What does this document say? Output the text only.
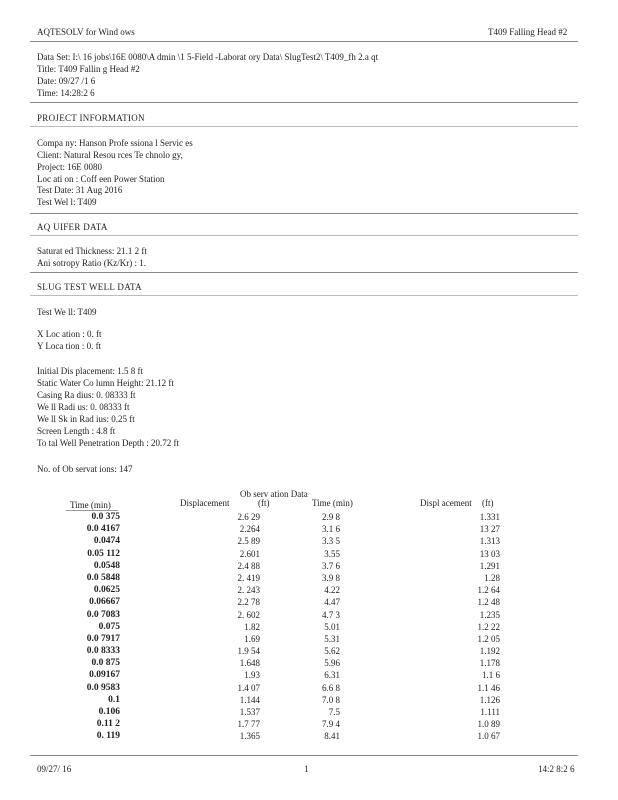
AQTESOLV for Wind ows	T409 Falling Head #2
Data Set: I:\ 16 jobs\16E 0080\A dmin \1 5-Field -Laborat ory Data\ SlugTest2\ T409_fh 2.a qt
Title: T409 Fallin g Head #2
Date: 09/27 /1 6
Time: 14:28:2 6
PROJECT INFORMATION
Compa ny: Hanson Profe ssiona l Servic es
Client: Natural Resou rces Te chnolo gy,
Project: 16E 0080
Loc ati on : Coff een Power Station
Test Date: 31 Aug 2016
Test Wel l: T409
AQ UIFER DATA
Saturat ed Thickness: 21.1 2 ft
Ani sotropy Ratio (Kz/Kr) : 1.
SLUG TEST WELL DATA
Test We ll: T409
X Loc ation : 0. ft
Y Loca tion : 0. ft
Initial Dis placement: 1.5 8 ft
Static Water Co lumn Height: 21.12 ft
Casing Ra dius: 0. 08333 ft
We ll Radi us: 0. 08333 ft
We ll Sk in Rad ius: 0.25 ft
Screen Length : 4.8 ft
To tal Well Penetration Depth : 20.72 ft
No. of Ob servat ions: 147
Ob serv ation Data
Time (min)	Displacement	(ft)	Time (min)	Displ acement (ft)
0.0 375	2.6 29	2.9 8	1.331
0.0 4167	2.264	3.1 6	13 27
0.0474	2.5 89	3.3 5	1.313
0.05 112	2.601	3.55	13 03
0.0548	2.4 88	3.7 6	1.291
0.0 5848	2. 419	3.9 8	1.28
0.0625	2. 243	4.22	1.2 64
0.06667	2.2 78	4.47	1.2 48
0.0 7083	2. 602	4.7 3	1.235
0.075	1.82	5.01	1.2 22
0.0 7917	1.69	5.31	1.2 05
0.0 8333	1.9 54	5.62	1.192
0.0 875	1.648	5.96	1.178
0.09167	1.93	6.31	1.1 6
0.0 9583	1.4 07	6.6 8	1.1 46
0.1	1.144	7.0 8	1.126
0.106	1.537	7.5	1.111
0.11 2	1.7 77	7.9 4	1.0 89
0. 119	1.365	8.41	1.0 67
09/27/ 16	1	14:2 8:2 6
